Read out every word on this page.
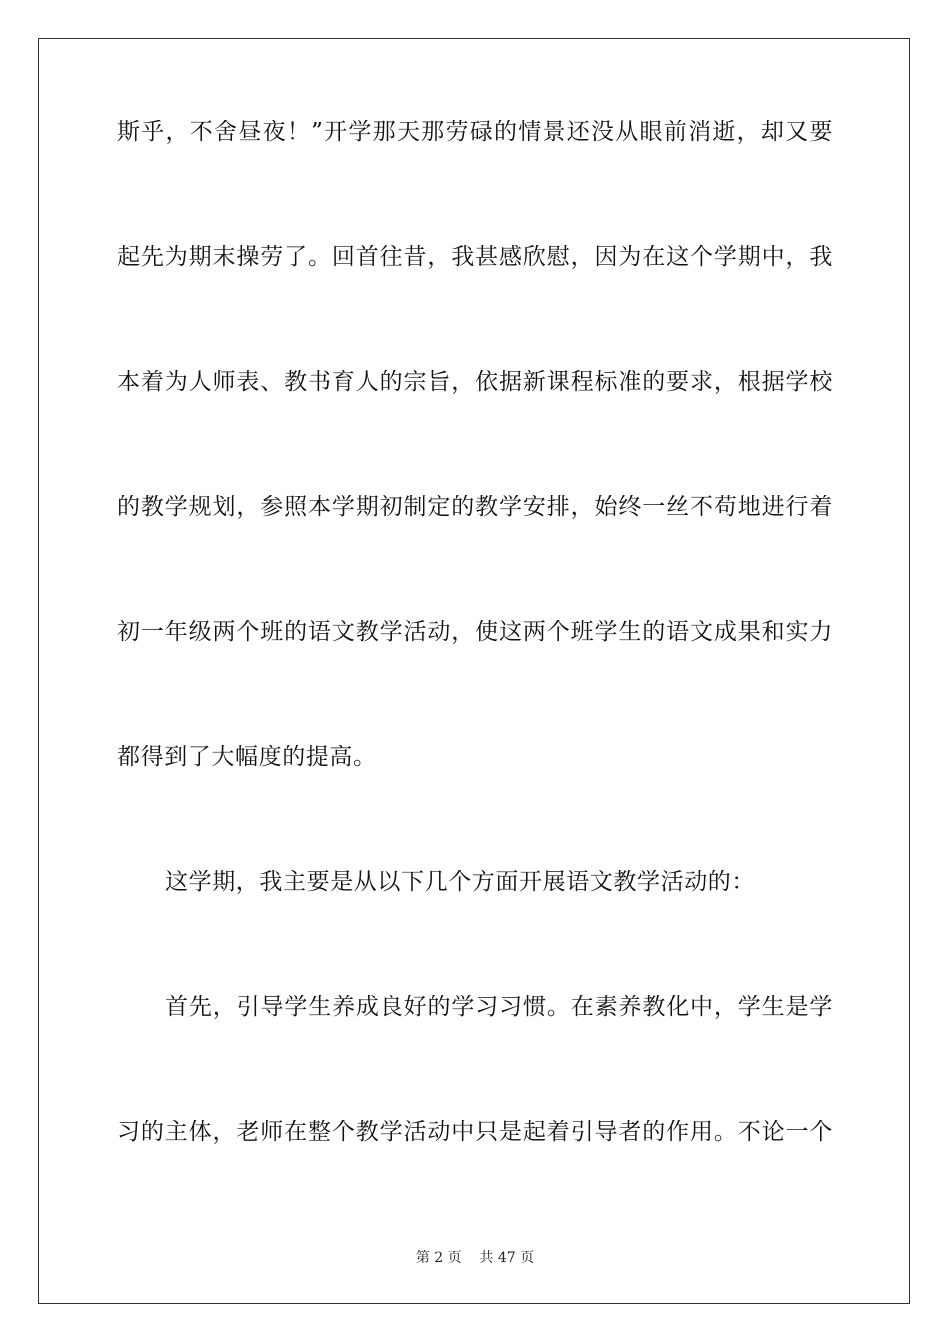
斯乎，不舍昼夜！”开学那天那劳碌的情景还没从眼前消逝，却又要
起先为期末操劳了。回首往昔，我甚感欣慰，因为在这个学期中，我
本着为人师表、教书育人的宗旨，依据新课程标准的要求，根据学校
的教学规划，参照本学期初制定的教学安排，始终一丝不苟地进行着
初一年级两个班的语文教学活动，使这两个班学生的语文成果和实力
都得到了大幅度的提高。
这学期，我主要是从以下几个方面开展语文教学活动的：
首先，引导学生养成良好的学习习惯。在素养教化中，学生是学
习的主体，老师在整个教学活动中只是起着引导者的作用。不论一个
第 2 页    共 47 页
